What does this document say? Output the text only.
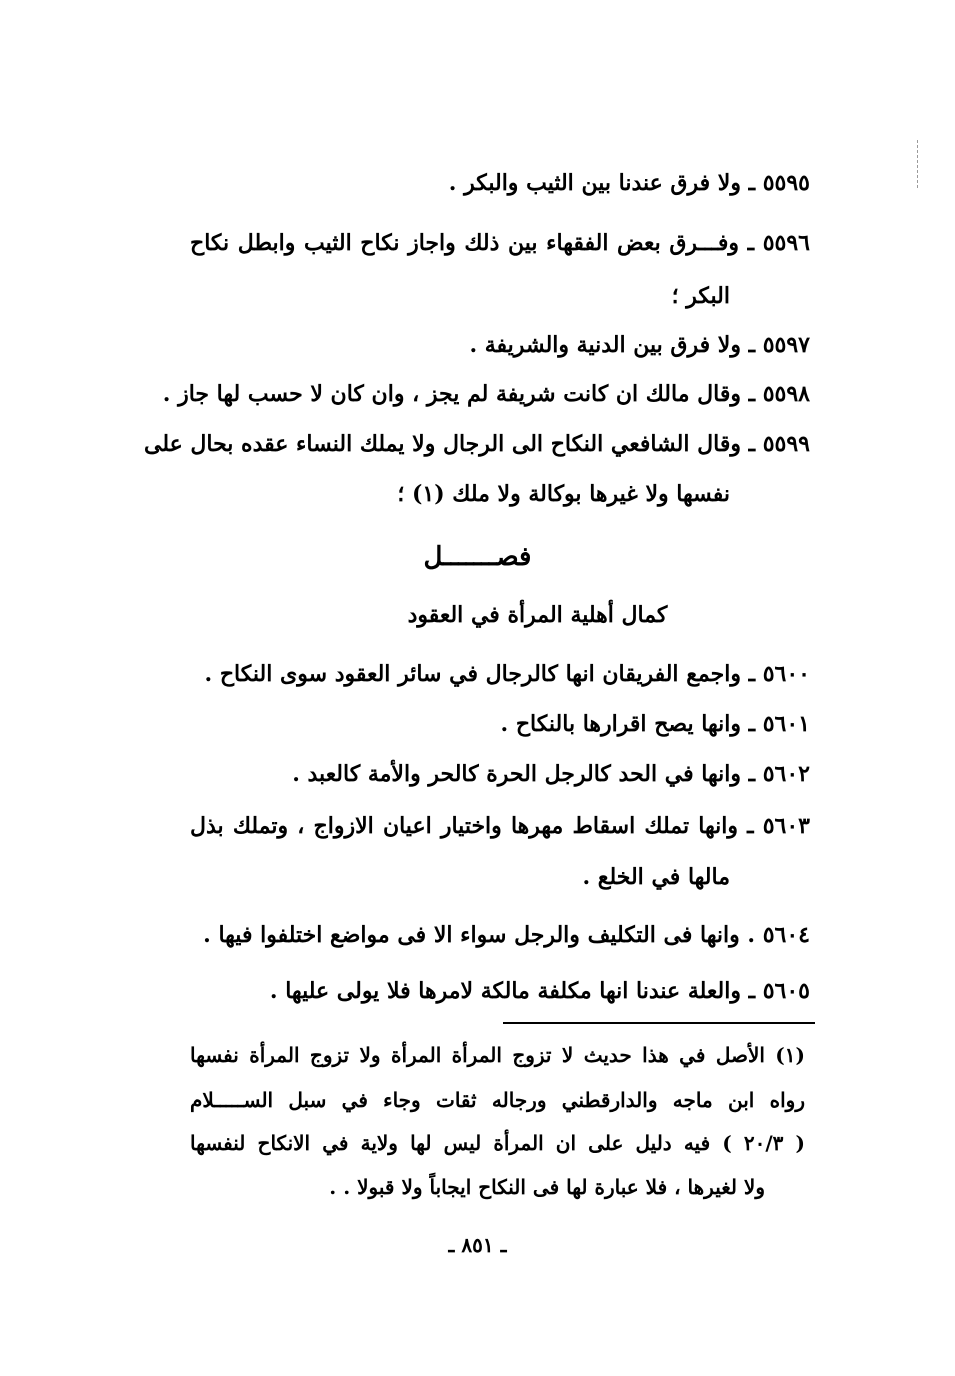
٥٥٩٥ ـ ولا فرق عندنا بين الثيب والبكر .
٥٥٩٦ ـ وفـــرق بعض الفقهاء بين ذلك واجاز نكاح الثيب وابطل نكاح
البكر ؛
٥٥٩٧ ـ ولا فرق بين الدنية والشريفة .
٥٥٩٨ ـ وقال مالك ان كانت شريفة لم يجز ، وان كان لا حسب لها جاز .
٥٥٩٩ ـ وقال الشافعي النكاح الى الرجال ولا يملك النساء عقده بحال على
نفسها ولا غيرها بوكالة ولا ملك (١) ؛
فصـــــــل
كمال أهلية المرأة في العقود
٥٦٠٠ ـ واجمع الفريقان انها كالرجال في سائر العقود سوى النكاح .
٥٦٠١ ـ وانها يصح اقرارها بالنكاح .
٥٦٠٢ ـ وانها في الحد كالرجل الحرة كالحر والأمة كالعبد .
٥٦٠٣ ـ وانها تملك اسقاط مهرها واختيار اعيان الازواج ، وتملك بذل
مالها في الخلع .
٥٦٠٤ . وانها فى التكليف والرجل سواء الا فى مواضع اختلفوا فيها .
٥٦٠٥ ـ والعلة عندنا انها مكلفة مالكة لامرها فلا يولى عليها .
(١) الأصل في هذا حديث لا تزوج المرأة المرأة ولا تزوج المرأة نفسها
رواه ابن ماجه والدارقطني ورجاله ثقات وجاء في سبل الســـــلام
( ٢٠/٣ ) فيه دليل على ان المرأة ليس لها ولاية في الانكاح لنفسها
ولا لغيرها ، فلا عبارة لها فى النكاح ايجاباً ولا قبولا . .
ـ ٨٥١ ـ
